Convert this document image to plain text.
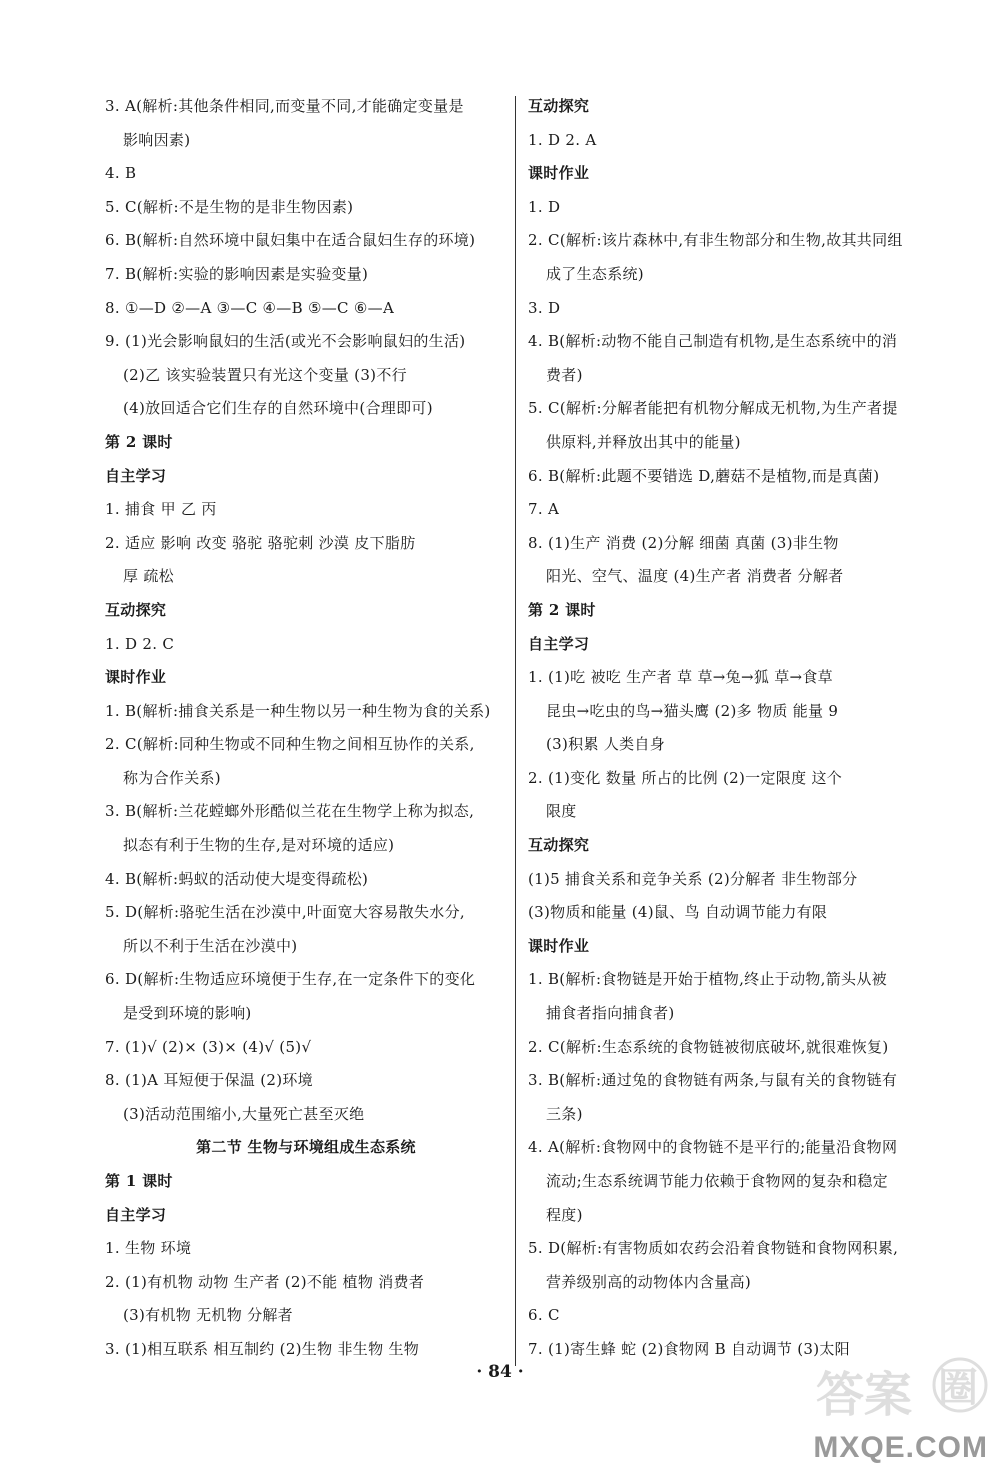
3. A(解析:其他条件相同,而变量不同,才能确定变量是
影响因素)
4. B
5. C(解析:不是生物的是非生物因素)
6. B(解析:自然环境中鼠妇集中在适合鼠妇生存的环境)
7. B(解析:实验的影响因素是实验变量)
8. ①—D ②—A ③—C ④—B ⑤—C ⑥—A
9. (1)光会影响鼠妇的生活(或光不会影响鼠妇的生活)
(2)乙 该实验装置只有光这个变量 (3)不行
(4)放回适合它们生存的自然环境中(合理即可)
第 2 课时
自主学习
1. 捕食 甲 乙 丙
2. 适应 影响 改变 骆驼 骆驼刺 沙漠 皮下脂肪
厚 疏松
互动探究
1. D 2. C
课时作业
1. B(解析:捕食关系是一种生物以另一种生物为食的关系)
2. C(解析:同种生物或不同种生物之间相互协作的关系,
称为合作关系)
3. B(解析:兰花螳螂外形酷似兰花在生物学上称为拟态,
拟态有利于生物的生存,是对环境的适应)
4. B(解析:蚂蚁的活动使大堤变得疏松)
5. D(解析:骆驼生活在沙漠中,叶面宽大容易散失水分,
所以不利于生活在沙漠中)
6. D(解析:生物适应环境便于生存,在一定条件下的变化
是受到环境的影响)
7. (1)√ (2)× (3)× (4)√ (5)√
8. (1)A 耳短便于保温 (2)环境
(3)活动范围缩小,大量死亡甚至灭绝
第二节 生物与环境组成生态系统
第 1 课时
自主学习
1. 生物 环境
2. (1)有机物 动物 生产者 (2)不能 植物 消费者
(3)有机物 无机物 分解者
3. (1)相互联系 相互制约 (2)生物 非生物 生物
互动探究
1. D 2. A
课时作业
1. D
2. C(解析:该片森林中,有非生物部分和生物,故其共同组
成了生态系统)
3. D
4. B(解析:动物不能自己制造有机物,是生态系统中的消
费者)
5. C(解析:分解者能把有机物分解成无机物,为生产者提
供原料,并释放出其中的能量)
6. B(解析:此题不要错选 D,蘑菇不是植物,而是真菌)
7. A
8. (1)生产 消费 (2)分解 细菌 真菌 (3)非生物
阳光、空气、温度 (4)生产者 消费者 分解者
第 2 课时
自主学习
1. (1)吃 被吃 生产者 草 草→兔→狐 草→食草
昆虫→吃虫的鸟→猫头鹰 (2)多 物质 能量 9
(3)积累 人类自身
2. (1)变化 数量 所占的比例 (2)一定限度 这个
限度
互动探究
(1)5 捕食关系和竞争关系 (2)分解者 非生物部分
(3)物质和能量 (4)鼠、鸟 自动调节能力有限
课时作业
1. B(解析:食物链是开始于植物,终止于动物,箭头从被
捕食者指向捕食者)
2. C(解析:生态系统的食物链被彻底破坏,就很难恢复)
3. B(解析:通过兔的食物链有两条,与鼠有关的食物链有
三条)
4. A(解析:食物网中的食物链不是平行的;能量沿食物网
流动;生态系统调节能力依赖于食物网的复杂和稳定
程度)
5. D(解析:有害物质如农药会沿着食物链和食物网积累,
营养级别高的动物体内含量高)
6. C
7. (1)寄生蜂 蛇 (2)食物网 B 自动调节 (3)太阳
· 84 ·	答案 圈
MXQE.COM
